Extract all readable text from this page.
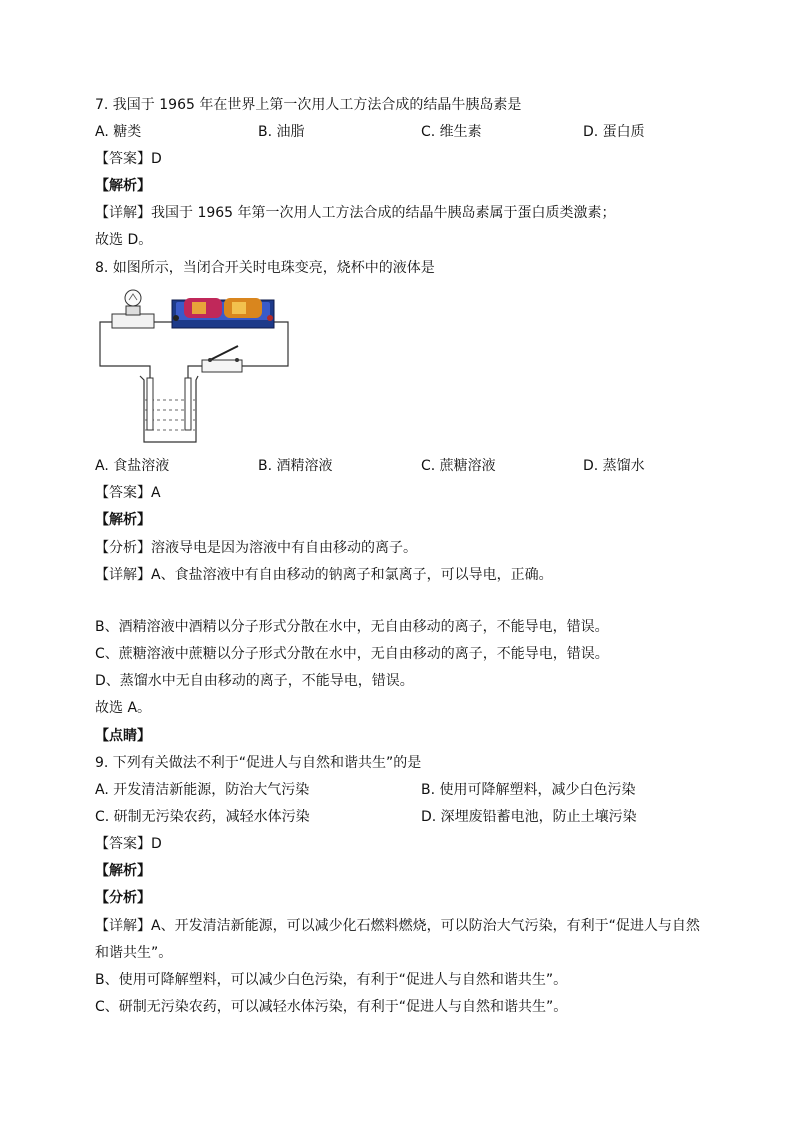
7. 我国于 1965 年在世界上第一次用人工方法合成的结晶牛胰岛素是
A. 糖类	B. 油脂	C. 维生素	D. 蛋白质
【答案】D
【解析】
【详解】我国于 1965 年第一次用人工方法合成的结晶牛胰岛素属于蛋白质类激素；
故选 D。
8. 如图所示，当闭合开关时电珠变亮，烧杯中的液体是
A. 食盐溶液	B. 酒精溶液	C. 蔗糖溶液	D. 蒸馏水
【答案】A
【解析】
【分析】溶液导电是因为溶液中有自由移动的离子。
【详解】A、食盐溶液中有自由移动的钠离子和氯离子，可以导电，正确。
B、酒精溶液中酒精以分子形式分散在水中，无自由移动的离子，不能导电，错误。
C、蔗糖溶液中蔗糖以分子形式分散在水中，无自由移动的离子，不能导电，错误。
D、蒸馏水中无自由移动的离子，不能导电，错误。
故选 A。
【点睛】
9. 下列有关做法不利于“促进人与自然和谐共生”的是
A. 开发清洁新能源，防治大气污染	B. 使用可降解塑料，减少白色污染
C. 研制无污染农药，减轻水体污染	D. 深埋废铅蓄电池，防止土壤污染
【答案】D
【解析】
【分析】
【详解】A、开发清洁新能源，可以减少化石燃料燃烧，可以防治大气污染，有利于“促进人与自然
和谐共生”。
B、使用可降解塑料，可以减少白色污染，有利于“促进人与自然和谐共生”。
C、研制无污染农药，可以减轻水体污染，有利于“促进人与自然和谐共生”。
